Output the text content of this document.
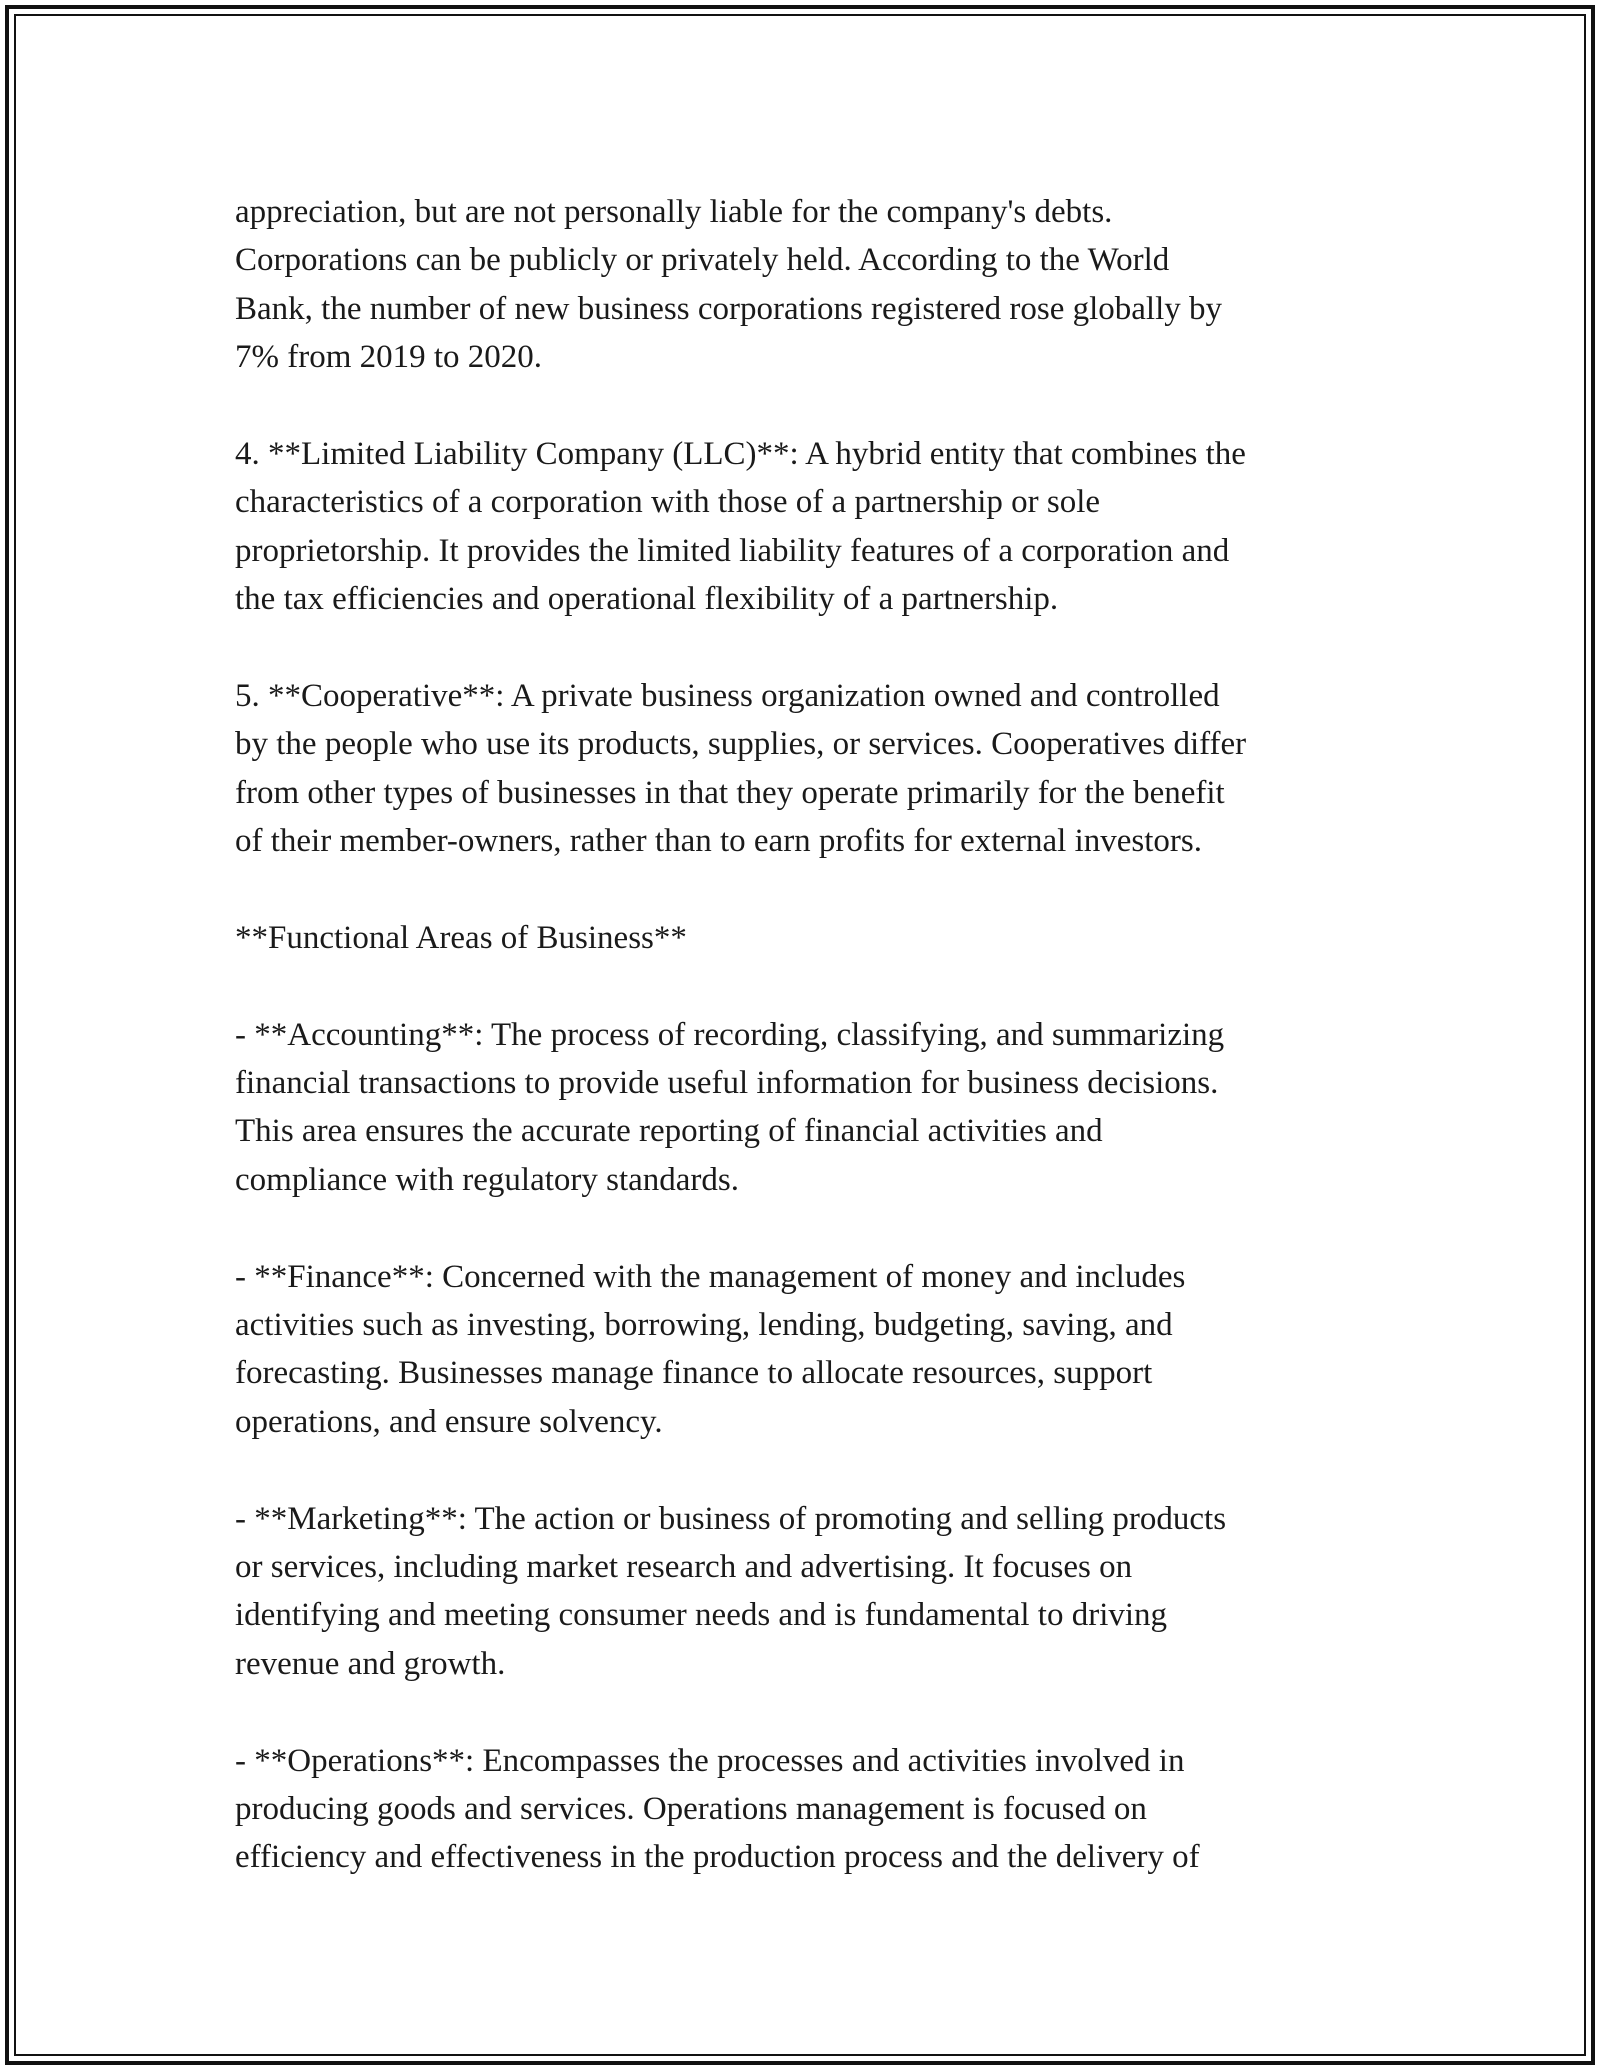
appreciation, but are not personally liable for the company's debts.
Corporations can be publicly or privately held. According to the World
Bank, the number of new business corporations registered rose globally by
7% from 2019 to 2020.
4. **Limited Liability Company (LLC)**: A hybrid entity that combines the
characteristics of a corporation with those of a partnership or sole
proprietorship. It provides the limited liability features of a corporation and
the tax efficiencies and operational flexibility of a partnership.
5. **Cooperative**: A private business organization owned and controlled
by the people who use its products, supplies, or services. Cooperatives differ
from other types of businesses in that they operate primarily for the benefit
of their member-owners, rather than to earn profits for external investors.
**Functional Areas of Business**
- **Accounting**: The process of recording, classifying, and summarizing
financial transactions to provide useful information for business decisions.
This area ensures the accurate reporting of financial activities and
compliance with regulatory standards.
- **Finance**: Concerned with the management of money and includes
activities such as investing, borrowing, lending, budgeting, saving, and
forecasting. Businesses manage finance to allocate resources, support
operations, and ensure solvency.
- **Marketing**: The action or business of promoting and selling products
or services, including market research and advertising. It focuses on
identifying and meeting consumer needs and is fundamental to driving
revenue and growth.
- **Operations**: Encompasses the processes and activities involved in
producing goods and services. Operations management is focused on
efficiency and effectiveness in the production process and the delivery of
